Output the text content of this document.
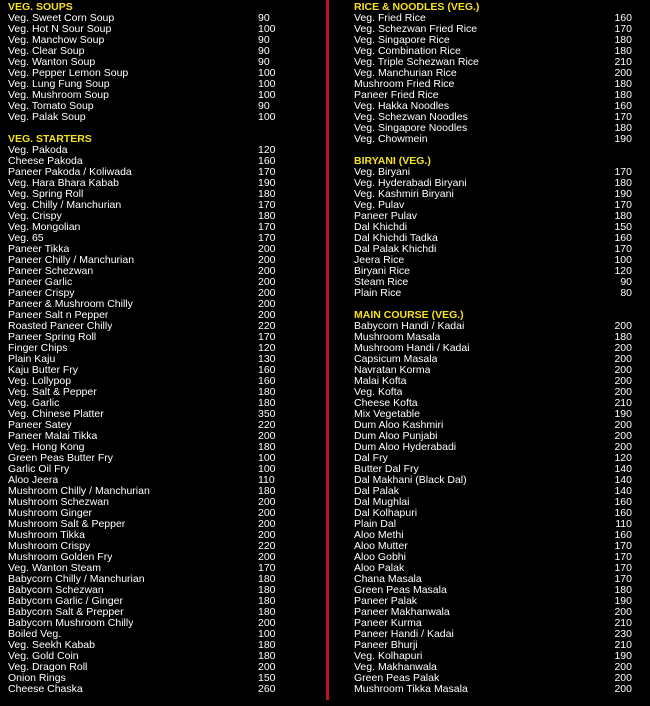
VEG. SOUPS
Veg. Sweet Corn Soup	90
Veg. Hot N Sour Soup	100
Veg. Manchow Soup	90
Veg. Clear Soup	90
Veg. Wanton Soup	90
Veg. Pepper Lemon Soup	100
Veg. Lung Fung Soup	100
Veg. Mushroom Soup	100
Veg. Tomato Soup	90
Veg. Palak Soup	100
VEG. STARTERS
Veg. Pakoda	120
Cheese Pakoda	160
Paneer Pakoda / Koliwada	170
Veg. Hara Bhara Kabab	190
Veg. Spring Roll	180
Veg. Chilly / Manchurian	170
Veg. Crispy	180
Veg. Mongolian	170
Veg. 65	170
Paneer Tikka	200
Paneer Chilly / Manchurian	200
Paneer Schezwan	200
Paneer Garlic	200
Paneer Crispy	200
Paneer & Mushroom Chilly	200
Paneer Salt n Pepper	200
Roasted Paneer Chilly	220
Paneer Spring Roll	170
Finger Chips	120
Plain Kaju	130
Kaju Butter Fry	160
Veg. Lollypop	160
Veg. Salt & Pepper	180
Veg. Garlic	180
Veg. Chinese Platter	350
Paneer Satey	220
Paneer Malai Tikka	200
Veg. Hong Kong	180
Green Peas Butter Fry	100
Garlic Oil Fry	100
Aloo Jeera	110
Mushroom Chilly / Manchurian	180
Mushroom Schezwan	200
Mushroom Ginger	200
Mushroom Salt & Pepper	200
Mushroom Tikka	200
Mushroom Crispy	220
Mushroom Golden Fry	200
Veg. Wanton Steam	170
Babycorn Chilly / Manchurian	180
Babycorn Schezwan	180
Babycorn Garlic / Ginger	180
Babycorn Salt & Prepper	180
Babycorn Mushroom Chilly	200
Boiled Veg.	100
Veg. Seekh Kabab	180
Veg. Gold Coin	180
Veg. Dragon Roll	200
Onion Rings	150
Cheese Chaska	260
RICE & NOODLES (VEG.)
Veg. Fried Rice	160
Veg. Schezwan Fried Rice	170
Veg. Singapore Rice	180
Veg. Combination Rice	180
Veg. Triple Schezwan Rice	210
Veg. Manchurian Rice	200
Mushroom Fried Rice	180
Paneer Fried Rice	180
Veg. Hakka Noodles	160
Veg. Schezwan Noodles	170
Veg. Singapore Noodles	180
Veg. Chowmein	190
BIRYANI (VEG.)
Veg. Biryani	170
Veg. Hyderabadi Biryani	180
Veg. Kashmiri Biryani	190
Veg. Pulav	170
Paneer Pulav	180
Dal Khichdi	150
Dal Khichdi Tadka	160
Dal Palak Khichdi	170
Jeera Rice	100
Biryani Rice	120
Steam Rice	90
Plain Rice	80
MAIN COURSE (VEG.)
Babycorn Handi / Kadai	200
Mushroom Masala	180
Mushroom Handi / Kadai	200
Capsicum Masala	200
Navratan Korma	200
Malai Kofta	200
Veg. Kofta	200
Cheese Kofta	210
Mix Vegetable	190
Dum Aloo Kashmiri	200
Dum Aloo Punjabi	200
Dum Aloo Hyderabadi	200
Dal Fry	120
Butter Dal Fry	140
Dal Makhani (Black Dal)	140
Dal Palak	140
Dal Mughlai	160
Dal Kolhapuri	160
Plain Dal	110
Aloo Methi	160
Aloo Mutter	170
Aloo Gobhi	170
Aloo Palak	170
Chana Masala	170
Green Peas Masala	180
Paneer Palak	190
Paneer Makhanwala	200
Paneer Kurma	210
Paneer Handi / Kadai	230
Paneer Bhurji	210
Veg. Kolhapuri	190
Veg. Makhanwala	200
Green Peas Palak	200
Mushroom Tikka Masala	200
